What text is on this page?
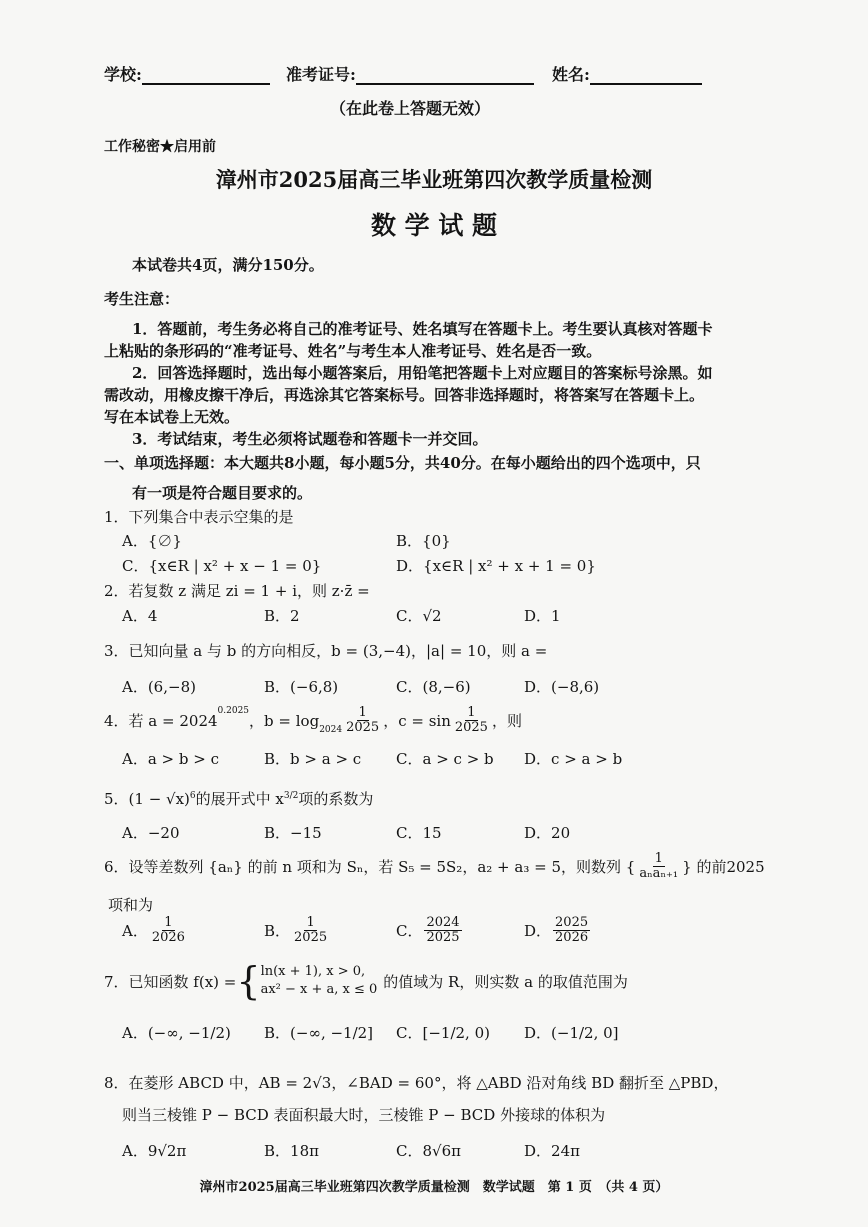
学校:	准考证号:	姓名:
（在此卷上答题无效）
工作秘密★启用前
漳州市2025届高三毕业班第四次教学质量检测
数 学 试 题
本试卷共4页，满分150分。
考生注意：
1．答题前，考生务必将自己的准考证号、姓名填写在答题卡上。考生要认真核对答题卡
上粘贴的条形码的“准考证号、姓名”与考生本人准考证号、姓名是否一致。
2．回答选择题时，选出每小题答案后，用铅笔把答题卡上对应题目的答案标号涂黑。如
需改动，用橡皮擦干净后，再选涂其它答案标号。回答非选择题时，将答案写在答题卡上。
写在本试卷上无效。
3．考试结束，考生必须将试题卷和答题卡一并交回。
一、单项选择题：本大题共8小题，每小题5分，共40分。在每小题给出的四个选项中，只
有一项是符合题目要求的。
1．下列集合中表示空集的是
A．{∅}	B．{0}
C．{x∈R | x² + x − 1 = 0}	D．{x∈R | x² + x + 1 = 0}
2．若复数 z 满足 zi = 1 + i，则 z·z̄ =
A．4	B．2	C．√2	D．1
3．已知向量 a 与 b 的方向相反，b = (3,−4)，|a| = 10，则 a =
A．(6,−8)	B．(−6,8)	C．(8,−6)	D．(−8,6)
4．若 a = 2024
$^{0.2025}$
，$b = \log_{2024} \frac{1}{2025}$ ，$c = \sin \frac{1}{2025}$ ，则
A．a > b > c	B．b > a > c C．a > c > b D．c > a > b
5．$(1 - √x)^6$的展开式中 $x^{3/2}$项的系数为
A．−20	B．−15	C．15	D．20
6．设等差数列 {aₙ} 的前 n 项和为 Sₙ，若 S₅ = 5S₂，a₂ + a₃ = 5，则数列 { $\frac{1}{\text{aₙaₙ₊₁}}$ } 的前2025
项和为
A． $\frac{1}{2026}$	B． $\frac{1}{2025}$	C． $\frac{2024}{2025}$	D． $\frac{2025}{2026}$
7．已知函数 f(x) = { ln(x + 1), x > 0,
ax² − x + a, x ≤ 0 的值域为 R，则实数 a 的取值范围为
A．(−∞, −1/2) B．(−∞, −1/2] C．[−1/2, 0) D．(−1/2, 0]
8．在菱形 ABCD 中，AB = 2√3，∠BAD = 60°，将 △ABD 沿对角线 BD 翻折至 △PBD，
则当三棱锥 P − BCD 表面积最大时，三棱锥 P − BCD 外接球的体积为
A．9√2π	B．18π	C．8√6π	D．24π
漳州市2025届高三毕业班第四次教学质量检测　数学试题　第 1 页　（共 4 页）
